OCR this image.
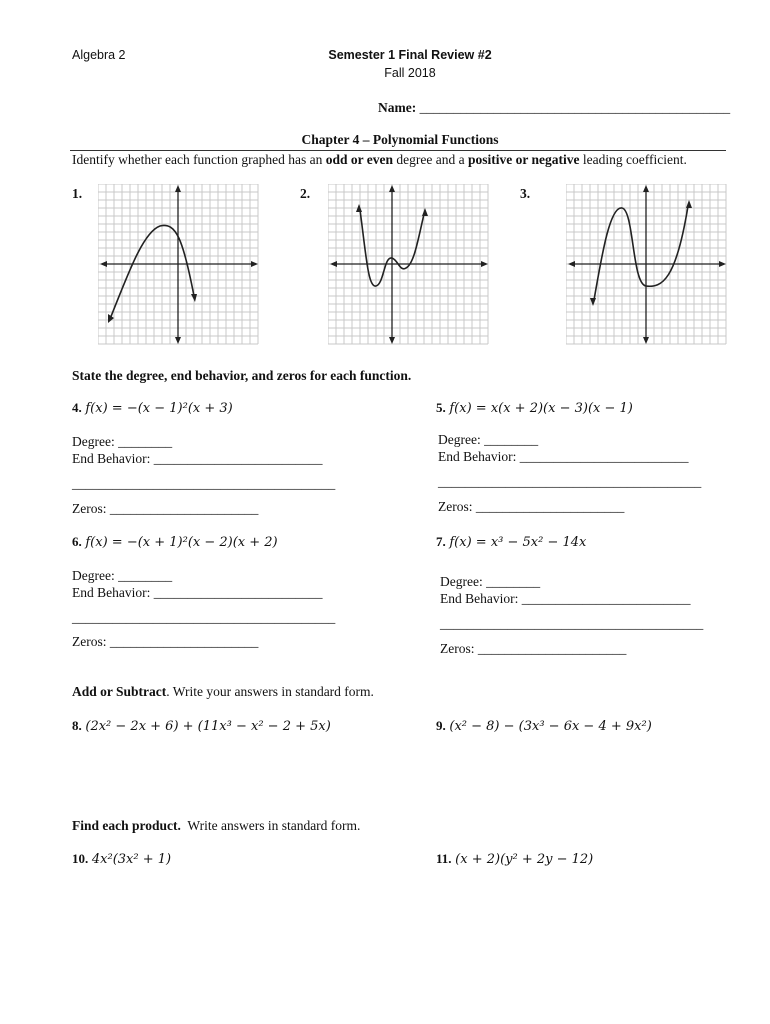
Algebra 2	Semester 1 Final Review #2
Fall 2018
Name: ______________________________________________
Chapter 4 – Polynomial Functions
Identify whether each function graphed has an odd or even degree and a positive or negative leading coefficient.
1.	2.	3.
State the degree, end behavior, and zeros for each function.
4. f(x) = −(x − 1)²(x + 3)
Degree: ________
End Behavior: _________________________
_______________________________________
Zeros: ______________________
5. f(x) = x(x + 2)(x − 3)(x − 1)
Degree: ________
End Behavior: _________________________
_______________________________________
Zeros: ______________________
6. f(x) = −(x + 1)²(x − 2)(x + 2)
Degree: ________
End Behavior: _________________________
_______________________________________
Zeros: ______________________
7. f(x) = x³ − 5x² − 14x
Degree: ________
End Behavior: _________________________
_______________________________________
Zeros: ______________________
Add or Subtract. Write your answers in standard form.
8. (2x² − 2x + 6) + (11x³ − x² − 2 + 5x)	9. (x² − 8) − (3x³ − 6x − 4 + 9x²)
Find each product.  Write answers in standard form.
10. 4x²(3x² + 1)	11. (x + 2)(y² + 2y − 12)
